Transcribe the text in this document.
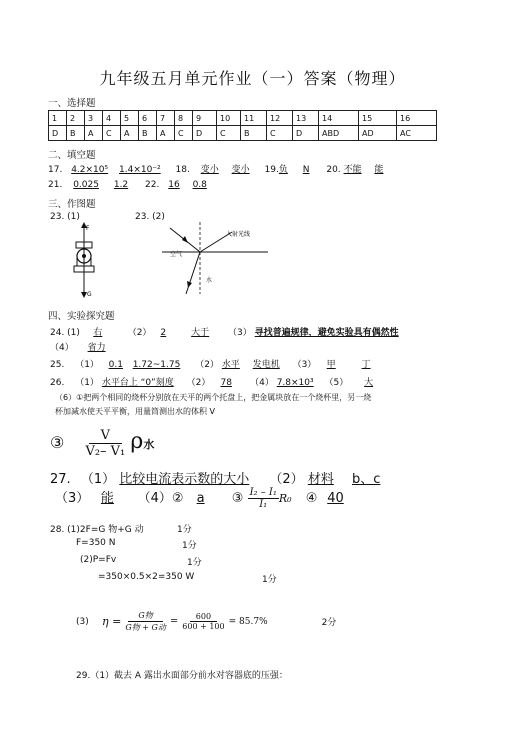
九年级五月单元作业（一）答案（物理）
一、选择题
1	2	3	4	5	6	7	8	9	10	11	12	13	14	15	16
D	B	A	C	A	B	A	C	D	C	B	C	D	ABD	AD	AC
二、填空题
17. 4.2×10⁵ 1.4×10⁻² 18. 变小 变小 19.负 N 20. 不能 能
21. 0.025 1.2 22. 16 0.8
三、作图题
23. (1)	23. (2)
F
G
入射光线
空气
水
四、实验探究题
24. (1) 右	（2） 2	大于 （3） 寻找普遍规律，避免实验具有偶然性
（4） 省力
25. （1） 0.1 1.72~1.75 （2） 水平 发电机 （3） 甲	丁
26. （1） 水平台上 “0”刻度 （2） 78 （4） 7.8×10³ （5） 大
（6）①把两个相同的烧杯分别放在天平的两个托盘上，把金属块放在一个烧杯里，另一烧
杯加减水使天平平衡，用量筒测出水的体积 V
③ $\frac{V}{\text{V₂– V₁}}$ ρ水
27. （1） 比较电流表示数的大小 （2） 材料 b、c
（3） 能 （4）② a ③ $\frac{\text{I₂ – I₁}}{\text{I₁}} R_0$ ④ 40
28. (1)2F=G 物+G 动	1分
F=350 N	1分
(2)P=Fv	1分
=350×0.5×2=350 W	1分
(3)	$\eta = \frac{\text{G物}}{\text{G物 + G动}} = \frac{600}{600 + 100} = 85.7\%$	2分
29.（1）截去 A 露出水面部分前水对容器底的压强：
